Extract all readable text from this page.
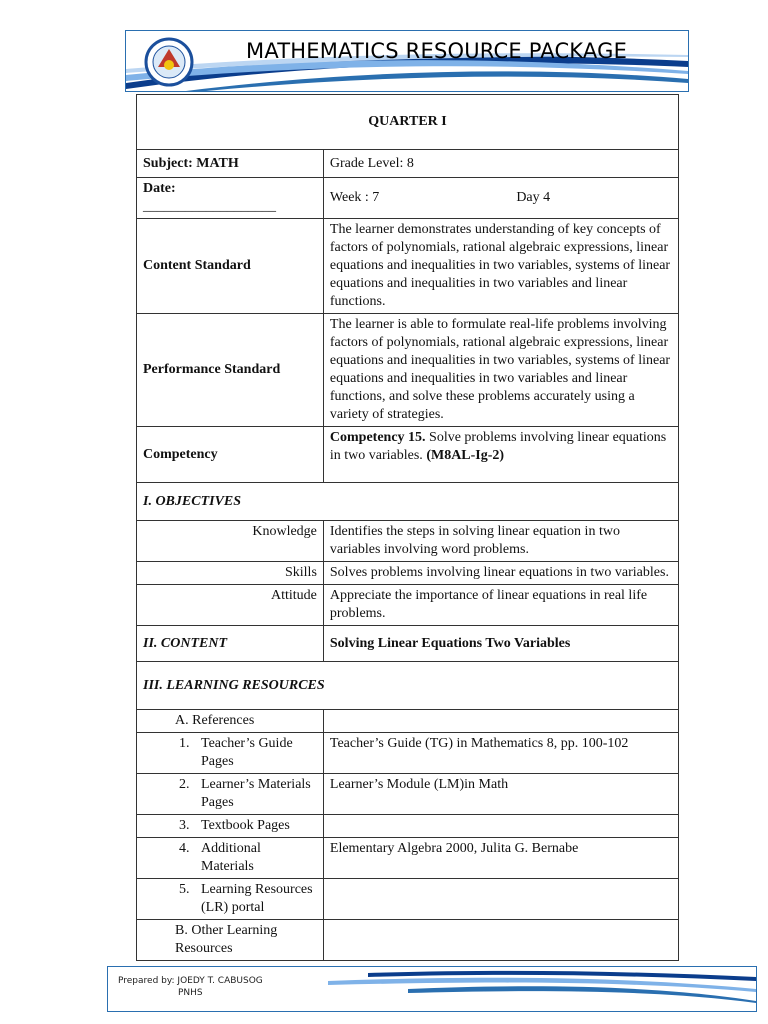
MATHEMATICS RESOURCE PACKAGE
QUARTER I	
Subject: MATH	Grade Level: 8

Date:
___________________	Week : 7 Day 4
Content Standard	The learner demonstrates understanding of key concepts of factors of polynomials, rational algebraic expressions, linear equations and inequalities in two variables, systems of linear equations and inequalities in two variables and linear functions.
Performance Standard	The learner is able to formulate real-life problems involving factors of polynomials, rational algebraic expressions, linear equations and inequalities in two variables, systems of linear equations and inequalities in two variables and linear functions, and solve these problems accurately using a variety of strategies.
Competency	Competency 15. Solve problems involving linear equations in two variables. (M8AL-Ig-2)
I. OBJECTIVES	
Knowledge	Identifies the steps in solving linear equation in two variables involving word problems.
Skills	Solves problems involving linear equations in two variables.
Attitude	Appreciate the importance of linear equations in real life problems.
II. CONTENT	Solving Linear Equations Two Variables
III. LEARNING RESOURCES	
A. References	
1. Teacher’s Guide Pages	Teacher’s Guide (TG) in Mathematics 8, pp. 100-102
2. Learner’s Materials Pages	Learner’s Module (LM)in Math
3. Textbook Pages	
4. Additional Materials	Elementary Algebra 2000, Julita G. Bernabe
5. Learning Resources (LR) portal	
B. Other Learning Resources	
Prepared by: JOEDY T. CABUSOG
PNHS
